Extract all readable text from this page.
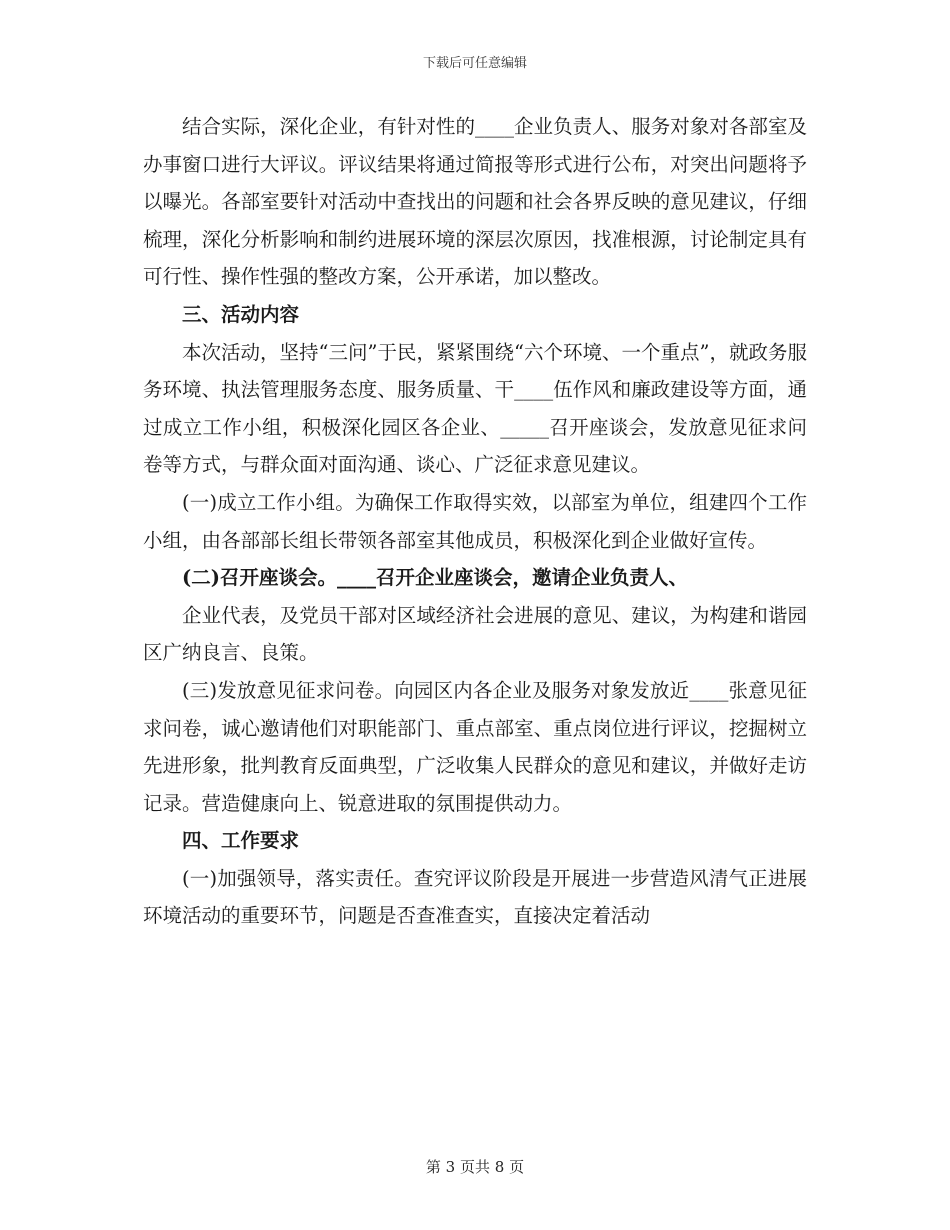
下载后可任意编辑

结合实际，深化企业，有针对性的____企业负责人、服务对象对各部室及办事窗口进行大评议。评议结果将通过简报等形式进行公布，对突出问题将予以曝光。各部室要针对活动中查找出的问题和社会各界反映的意见建议，仔细梳理，深化分析影响和制约进展环境的深层次原因，找准根源，讨论制定具有可行性、操作性强的整改方案，公开承诺，加以整改。

三、活动内容

本次活动，坚持“三问”于民，紧紧围绕“六个环境、一个重点”，就政务服务环境、执法管理服务态度、服务质量、干____伍作风和廉政建设等方面，通过成立工作小组，积极深化园区各企业、_____召开座谈会，发放意见征求问卷等方式，与群众面对面沟通、谈心、广泛征求意见建议。

(一)成立工作小组。为确保工作取得实效，以部室为单位，组建四个工作小组，由各部部长组长带领各部室其他成员，积极深化到企业做好宣传。

(二)召开座谈会。____召开企业座谈会，邀请企业负责人、

企业代表，及党员干部对区域经济社会进展的意见、建议，为构建和谐园区广纳良言、良策。

(三)发放意见征求问卷。向园区内各企业及服务对象发放近____张意见征求问卷，诚心邀请他们对职能部门、重点部室、重点岗位进行评议，挖掘树立先进形象，批判教育反面典型，广泛收集人民群众的意见和建议，并做好走访记录。营造健康向上、锐意进取的氛围提供动力。

四、工作要求

(一)加强领导，落实责任。查究评议阶段是开展进一步营造风清气正进展环境活动的重要环节，问题是否查准查实，直接决定着活动

第 3 页共 8 页
